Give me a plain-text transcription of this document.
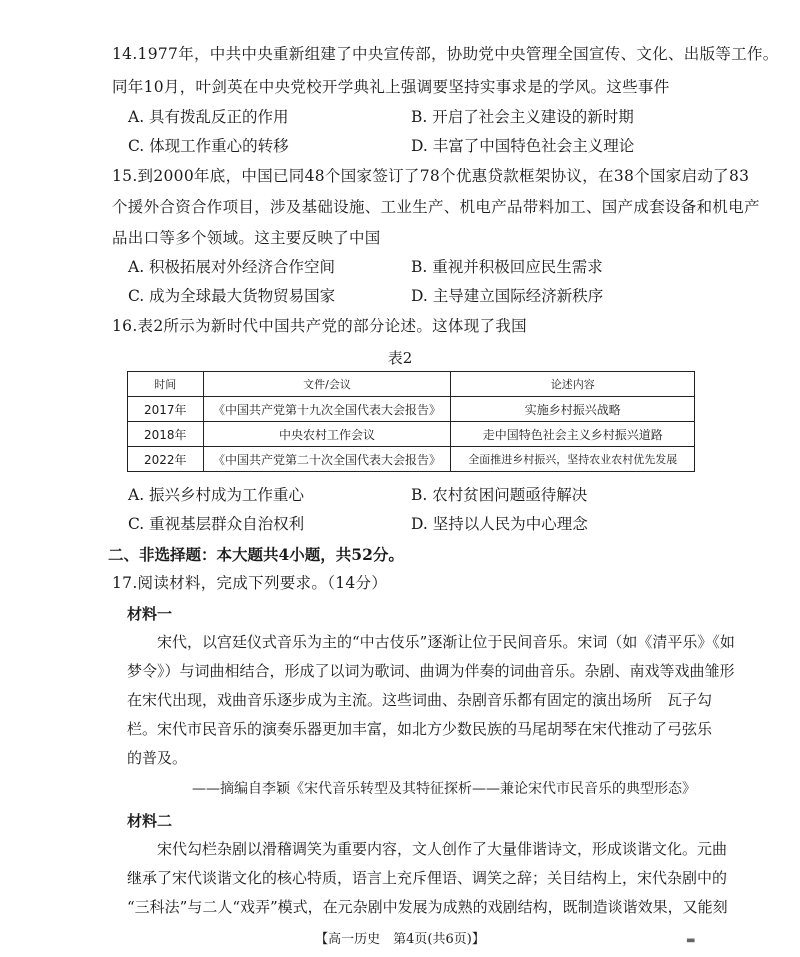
14.1977年，中共中央重新组建了中央宣传部，协助党中央管理全国宣传、文化、出版等工作。
同年10月，叶剑英在中央党校开学典礼上强调要坚持实事求是的学风。这些事件
A. 具有拨乱反正的作用	B. 开启了社会主义建设的新时期
C. 体现工作重心的转移	D. 丰富了中国特色社会主义理论
15.到2000年底，中国已同48个国家签订了78个优惠贷款框架协议，在38个国家启动了83
个援外合资合作项目，涉及基础设施、工业生产、机电产品带料加工、国产成套设备和机电产
品出口等多个领域。这主要反映了中国
A. 积极拓展对外经济合作空间	B. 重视并积极回应民生需求
C. 成为全球最大货物贸易国家	D. 主导建立国际经济新秩序
16.表2所示为新时代中国共产党的部分论述。这体现了我国
表2
时间	文件/会议	论述内容
2017年	《中国共产党第十九次全国代表大会报告》	实施乡村振兴战略
2018年	中央农村工作会议	走中国特色社会主义乡村振兴道路
2022年	《中国共产党第二十次全国代表大会报告》	全面推进乡村振兴，坚持农业农村优先发展
A. 振兴乡村成为工作重心	B. 农村贫困问题亟待解决
C. 重视基层群众自治权利	D. 坚持以人民为中心理念
二、非选择题：本大题共4小题，共52分。
17.阅读材料，完成下列要求。（14分）
材料一
　　宋代，以宫廷仪式音乐为主的“中古伎乐”逐渐让位于民间音乐。宋词（如《清平乐》《如
梦令》）与词曲相结合，形成了以词为歌词、曲调为伴奏的词曲音乐。杂剧、南戏等戏曲雏形
在宋代出现，戏曲音乐逐步成为主流。这些词曲、杂剧音乐都有固定的演出场所　瓦子勾
栏。宋代市民音乐的演奏乐器更加丰富，如北方少数民族的马尾胡琴在宋代推动了弓弦乐
的普及。
——摘编自李颖《宋代音乐转型及其特征探析——兼论宋代市民音乐的典型形态》
材料二
　　宋代勾栏杂剧以滑稽调笑为重要内容，文人创作了大量俳谐诗文，形成谈谐文化。元曲
继承了宋代谈谐文化的核心特质，语言上充斥俚语、调笑之辞；关目结构上，宋代杂剧中的
“三科法”与二人“戏弄”模式，在元杂剧中发展为成熟的戏剧结构，既制造谈谐效果，又能刻
【高一历史　第4页(共6页)】	▬
